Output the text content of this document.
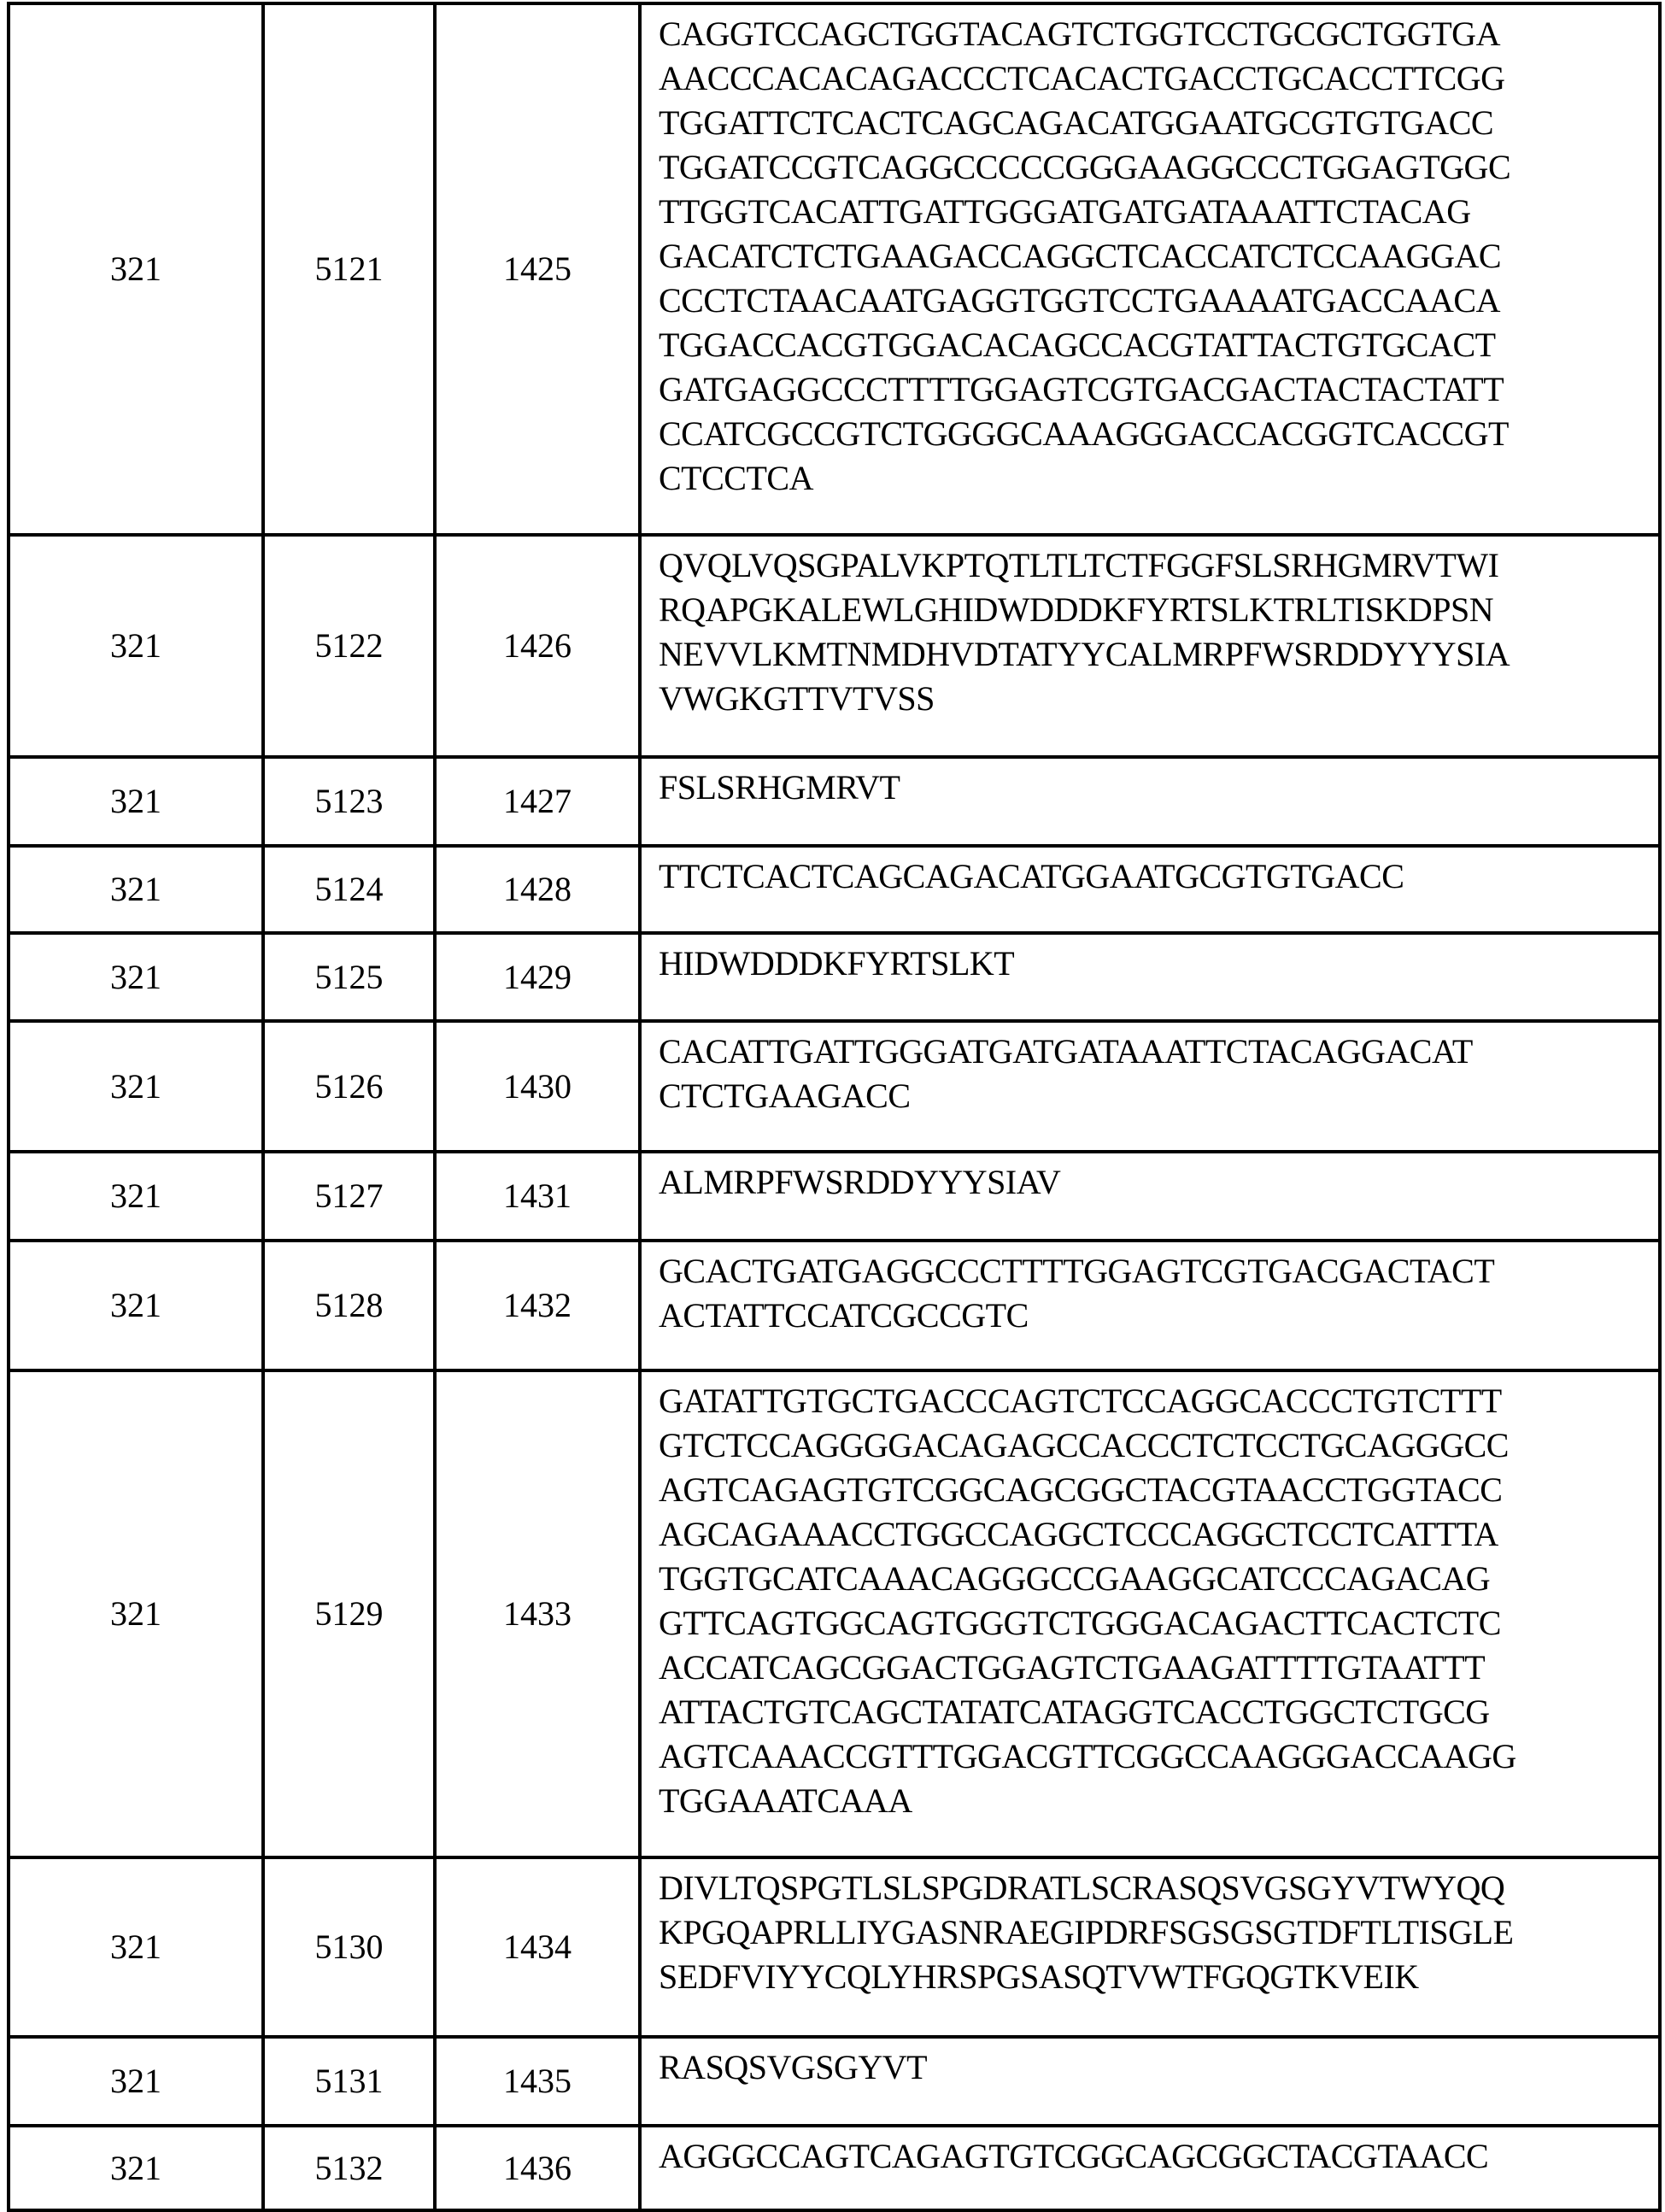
321	5121	1425	CAGGTCCAGCTGGTACAGTCTGGTCCTGCGCTGGTGA
AACCCACACAGACCCTCACACTGACCTGCACCTTCGG
TGGATTCTCACTCAGCAGACATGGAATGCGTGTGACC
TGGATCCGTCAGGCCCCCGGGAAGGCCCTGGAGTGGC
TTGGTCACATTGATTGGGATGATGATAAATTCTACAG
GACATCTCTGAAGACCAGGCTCACCATCTCCAAGGAC
CCCTCTAACAATGAGGTGGTCCTGAAAATGACCAACA
TGGACCACGTGGACACAGCCACGTATTACTGTGCACT
GATGAGGCCCTTTTGGAGTCGTGACGACTACTACTATT
CCATCGCCGTCTGGGGCAAAGGGACCACGGTCACCGT
CTCCTCA
321	5122	1426	QVQLVQSGPALVKPTQTLTLTCTFGGFSLSRHGMRVTWI
RQAPGKALEWLGHIDWDDDKFYRTSLKTRLTISKDPSN
NEVVLKMTNMDHVDTATYYCALMRPFWSRDDYYYSIA
VWGKGTTVTVSS
321	5123	1427	FSLSRHGMRVT
321	5124	1428	TTCTCACTCAGCAGACATGGAATGCGTGTGACC
321	5125	1429	HIDWDDDKFYRTSLKT
321	5126	1430	CACATTGATTGGGATGATGATAAATTCTACAGGACAT
CTCTGAAGACC
321	5127	1431	ALMRPFWSRDDYYYSIAV
321	5128	1432	GCACTGATGAGGCCCTTTTGGAGTCGTGACGACTACT
ACTATTCCATCGCCGTC
321	5129	1433	GATATTGTGCTGACCCAGTCTCCAGGCACCCTGTCTTT
GTCTCCAGGGGACAGAGCCACCCTCTCCTGCAGGGCC
AGTCAGAGTGTCGGCAGCGGCTACGTAACCTGGTACC
AGCAGAAACCTGGCCAGGCTCCCAGGCTCCTCATTTA
TGGTGCATCAAACAGGGCCGAAGGCATCCCAGACAG
GTTCAGTGGCAGTGGGTCTGGGACAGACTTCACTCTC
ACCATCAGCGGACTGGAGTCTGAAGATTTTGTAATTT
ATTACTGTCAGCTATATCATAGGTCACCTGGCTCTGCG
AGTCAAACCGTTTGGACGTTCGGCCAAGGGACCAAGG
TGGAAATCAAA
321	5130	1434	DIVLTQSPGTLSLSPGDRATLSCRASQSVGSGYVTWYQQ
KPGQAPRLLIYGASNRAEGIPDRFSGSGSGTDFTLTISGLE
SEDFVIYYCQLYHRSPGSASQTVWTFGQGTKVEIK
321	5131	1435	RASQSVGSGYVT
321	5132	1436	AGGGCCAGTCAGAGTGTCGGCAGCGGCTACGTAACC
